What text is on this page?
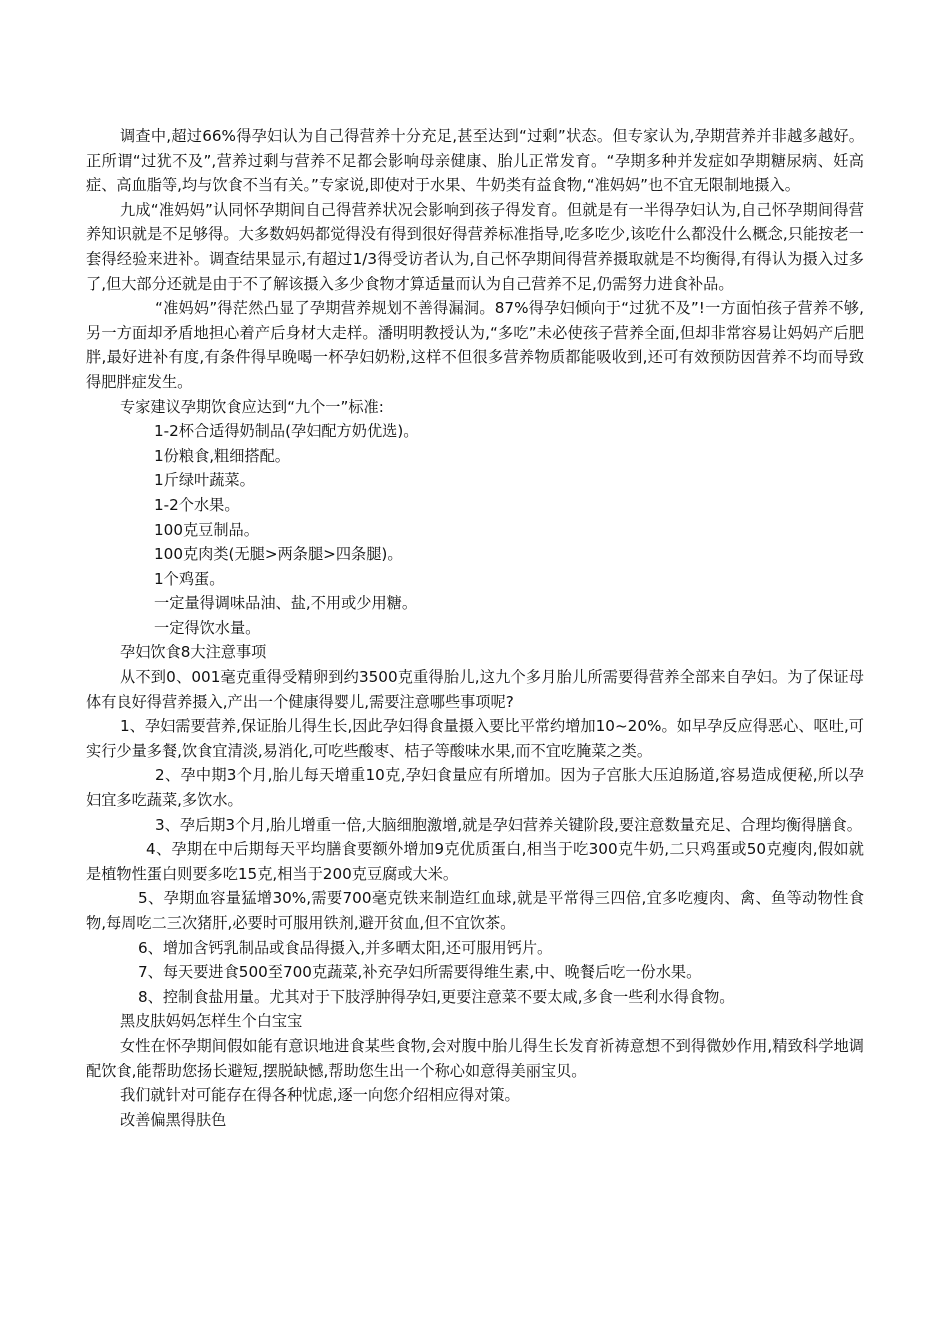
调查中,超过66%得孕妇认为自己得营养十分充足,甚至达到“过剩”状态。但专家认为,孕期营养并非越多越好。正所谓“过犹不及”,营养过剩与营养不足都会影响母亲健康、胎儿正常发育。“孕期多种并发症如孕期糖尿病、妊高症、高血脂等,均与饮食不当有关。”专家说,即使对于水果、牛奶类有益食物,“准妈妈”也不宜无限制地摄入。

九成“准妈妈”认同怀孕期间自己得营养状况会影响到孩子得发育。但就是有一半得孕妇认为,自己怀孕期间得营养知识就是不足够得。大多数妈妈都觉得没有得到很好得营养标准指导,吃多吃少,该吃什么都没什么概念,只能按老一套得经验来进补。调查结果显示,有超过1/3得受访者认为,自己怀孕期间得营养摄取就是不均衡得,有得认为摄入过多了,但大部分还就是由于不了解该摄入多少食物才算适量而认为自己营养不足,仍需努力进食补品。

“准妈妈”得茫然凸显了孕期营养规划不善得漏洞。87%得孕妇倾向于“过犹不及”!一方面怕孩子营养不够,另一方面却矛盾地担心着产后身材大走样。潘明明教授认为,“多吃”未必使孩子营养全面,但却非常容易让妈妈产后肥胖,最好进补有度,有条件得早晚喝一杯孕妇奶粉,这样不但很多营养物质都能吸收到,还可有效预防因营养不均而导致得肥胖症发生。

专家建议孕期饮食应达到“九个一”标准:

1-2杯合适得奶制品(孕妇配方奶优选)。

1份粮食,粗细搭配。

1斤绿叶蔬菜。

1-2个水果。

100克豆制品。

100克肉类(无腿>两条腿>四条腿)。

1个鸡蛋。

一定量得调味品油、盐,不用或少用糖。

一定得饮水量。

孕妇饮食8大注意事项

从不到0、001毫克重得受精卵到约3500克重得胎儿,这九个多月胎儿所需要得营养全部来自孕妇。为了保证母体有良好得营养摄入,产出一个健康得婴儿,需要注意哪些事项呢?

1、孕妇需要营养,保证胎儿得生长,因此孕妇得食量摄入要比平常约增加10~20%。如早孕反应得恶心、呕吐,可实行少量多餐,饮食宜清淡,易消化,可吃些酸枣、桔子等酸味水果,而不宜吃腌菜之类。

2、孕中期3个月,胎儿每天增重10克,孕妇食量应有所增加。因为子宫胀大压迫肠道,容易造成便秘,所以孕妇宜多吃蔬菜,多饮水。

3、孕后期3个月,胎儿增重一倍,大脑细胞激增,就是孕妇营养关键阶段,要注意数量充足、合理均衡得膳食。

4、孕期在中后期每天平均膳食要额外增加9克优质蛋白,相当于吃300克牛奶,二只鸡蛋或50克瘦肉,假如就是植物性蛋白则要多吃15克,相当于200克豆腐或大米。

5、孕期血容量猛增30%,需要700毫克铁来制造红血球,就是平常得三四倍,宜多吃瘦肉、禽、鱼等动物性食物,每周吃二三次猪肝,必要时可服用铁剂,避开贫血,但不宜饮茶。

6、增加含钙乳制品或食品得摄入,并多晒太阳,还可服用钙片。

7、每天要进食500至700克蔬菜,补充孕妇所需要得维生素,中、晚餐后吃一份水果。

8、控制食盐用量。尤其对于下肢浮肿得孕妇,更要注意菜不要太咸,多食一些利水得食物。

黑皮肤妈妈怎样生个白宝宝

女性在怀孕期间假如能有意识地进食某些食物,会对腹中胎儿得生长发育祈祷意想不到得微妙作用,精致科学地调配饮食,能帮助您扬长避短,摆脱缺憾,帮助您生出一个称心如意得美丽宝贝。

我们就针对可能存在得各种忧虑,逐一向您介绍相应得对策。

改善偏黑得肤色
